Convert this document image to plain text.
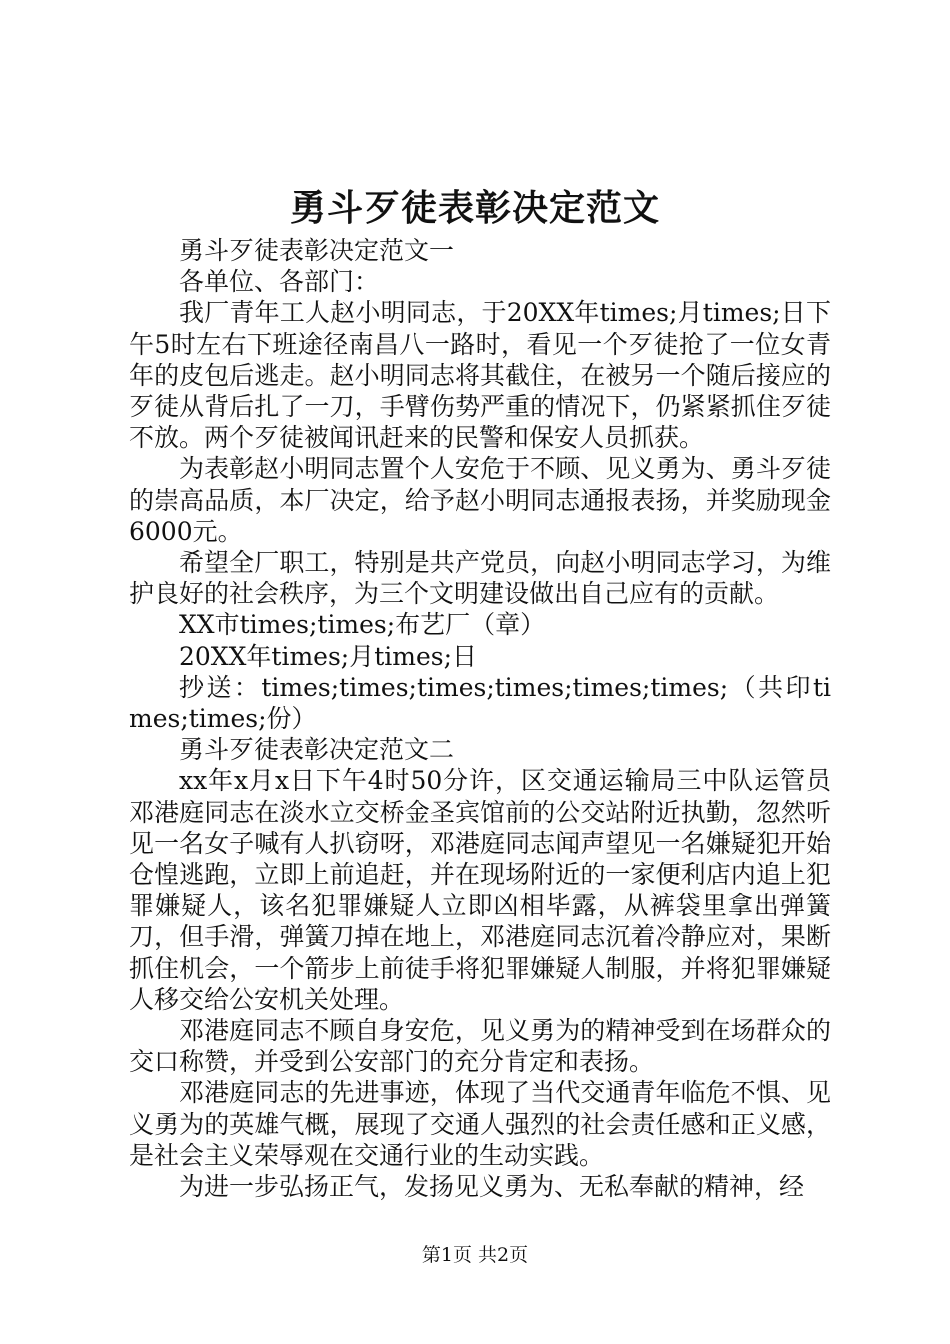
勇斗歹徒表彰决定范文

勇斗歹徒表彰决定范文一

各单位、各部门：

我厂青年工人赵小明同志，于20XX年times;月times;日下午5时左右下班途径南昌八一路时，看见一个歹徒抢了一位女青年的皮包后逃走。赵小明同志将其截住，在被另一个随后接应的歹徒从背后扎了一刀，手臂伤势严重的情况下，仍紧紧抓住歹徒不放。两个歹徒被闻讯赶来的民警和保安人员抓获。

为表彰赵小明同志置个人安危于不顾、见义勇为、勇斗歹徒的崇高品质，本厂决定，给予赵小明同志通报表扬，并奖励现金6000元。

希望全厂职工，特别是共产党员，向赵小明同志学习，为维护良好的社会秩序，为三个文明建设做出自己应有的贡献。

XX市times;times;布艺厂（章）

20XX年times;月times;日

抄送：times;times;times;times;times;times;（共印times;times;份）

勇斗歹徒表彰决定范文二

xx年x月x日下午4时50分许，区交通运输局三中队运管员邓港庭同志在淡水立交桥金圣宾馆前的公交站附近执勤，忽然听见一名女子喊有人扒窃呀，邓港庭同志闻声望见一名嫌疑犯开始仓惶逃跑，立即上前追赶，并在现场附近的一家便利店内追上犯罪嫌疑人，该名犯罪嫌疑人立即凶相毕露，从裤袋里拿出弹簧刀，但手滑，弹簧刀掉在地上，邓港庭同志沉着冷静应对，果断抓住机会，一个箭步上前徒手将犯罪嫌疑人制服，并将犯罪嫌疑人移交给公安机关处理。

邓港庭同志不顾自身安危，见义勇为的精神受到在场群众的交口称赞，并受到公安部门的充分肯定和表扬。

邓港庭同志的先进事迹，体现了当代交通青年临危不惧、见义勇为的英雄气概，展现了交通人强烈的社会责任感和正义感，是社会主义荣辱观在交通行业的生动实践。

为进一步弘扬正气，发扬见义勇为、无私奉献的精神，经

第1页 共2页
